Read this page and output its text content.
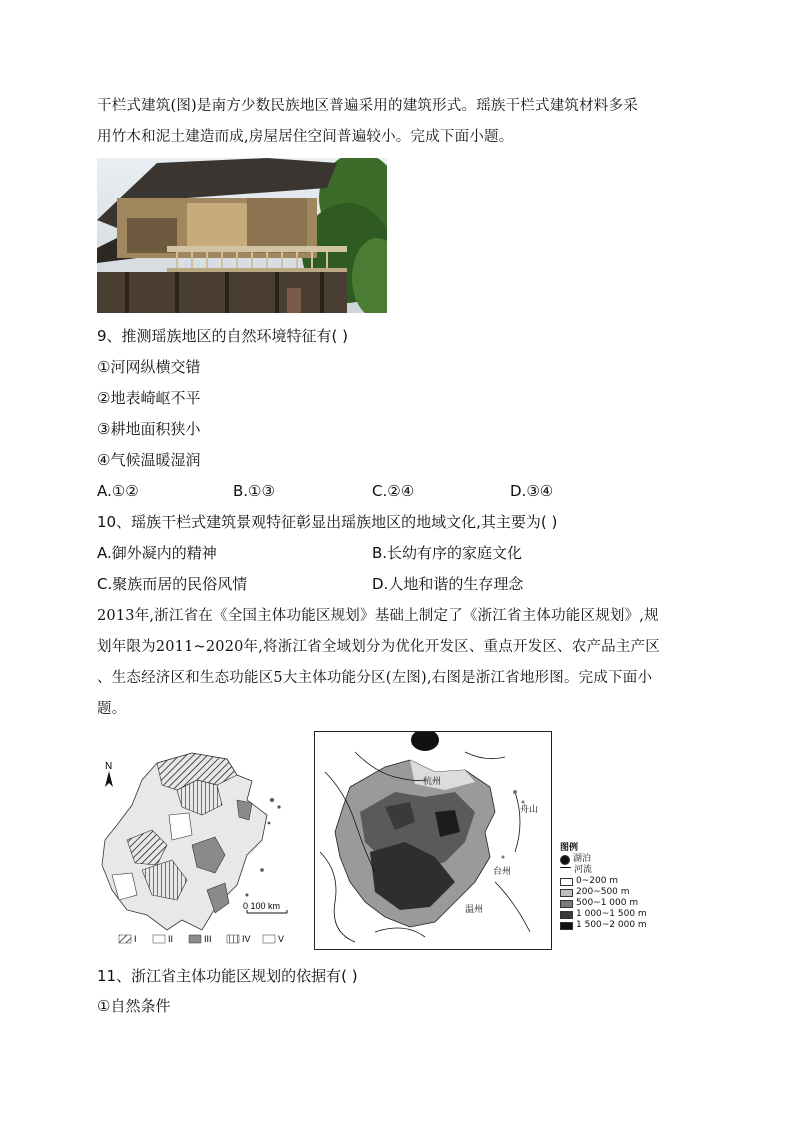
干栏式建筑(图)是南方少数民族地区普遍采用的建筑形式。瑶族干栏式建筑材料多采
用竹木和泥土建造而成,房屋居住空间普遍较小。完成下面小题。
9、推测瑶族地区的自然环境特征有( )
①河网纵横交错
②地表崎岖不平
③耕地面积狭小
④气候温暖湿润
A.①②	B.①③	C.②④	D.③④
10、瑶族干栏式建筑景观特征彰显出瑶族地区的地域文化,其主要为( )
A.御外凝内的精神	B.长幼有序的家庭文化
C.聚族而居的民俗风情	D.人地和谐的生存理念
2013年,浙江省在《全国主体功能区规划》基础上制定了《浙江省主体功能区规划》,规
划年限为2011~2020年,将浙江省全域划分为优化开发区、重点开发区、农产品主产区
、生态经济区和生态功能区5大主体功能分区(左图),右图是浙江省地形图。完成下面小
题。
N
0 100 km
I	II	III	IV	V
杭州
舟山
台州
温州
图例
湖泊
河流
0~200 m
200~500 m
500~1 000 m
1 000~1 500 m
1 500~2 000 m
11、浙江省主体功能区规划的依据有( )
①自然条件
